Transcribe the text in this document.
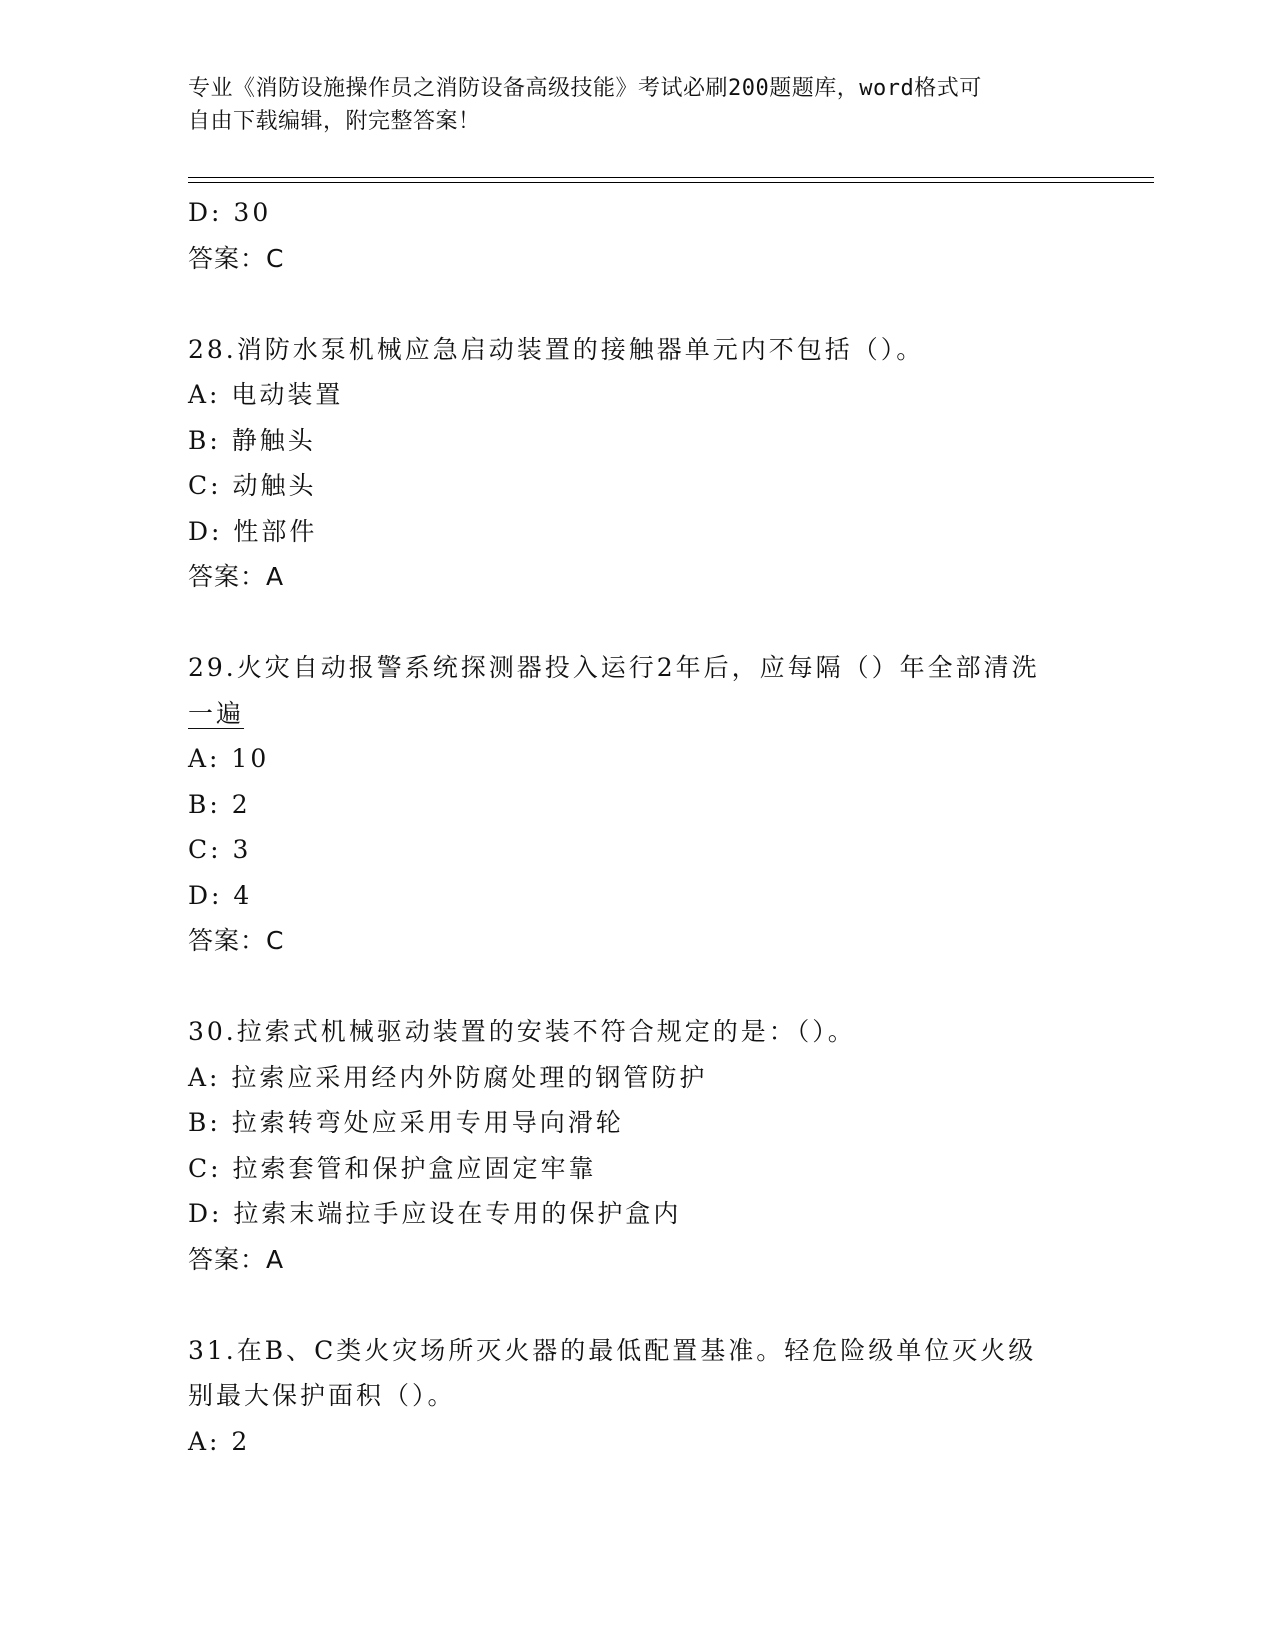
专业《消防设施操作员之消防设备高级技能》考试必刷200题题库，word格式可
自由下载编辑，附完整答案！
D: 30
答案：C
28.消防水泵机械应急启动装置的接触器单元内不包括（）。
A: 电动装置
B: 静触头
C: 动触头
D: 性部件
答案：A
29.火灾自动报警系统探测器投入运行2年后，应每隔（）年全部清洗
一遍
A: 10
B: 2
C: 3
D: 4
答案：C
30.拉索式机械驱动装置的安装不符合规定的是：（）。
A: 拉索应采用经内外防腐处理的钢管防护
B: 拉索转弯处应采用专用导向滑轮
C: 拉索套管和保护盒应固定牢靠
D: 拉索末端拉手应设在专用的保护盒内
答案：A
31.在B、C类火灾场所灭火器的最低配置基准。轻危险级单位灭火级
别最大保护面积（）。
A: 2
